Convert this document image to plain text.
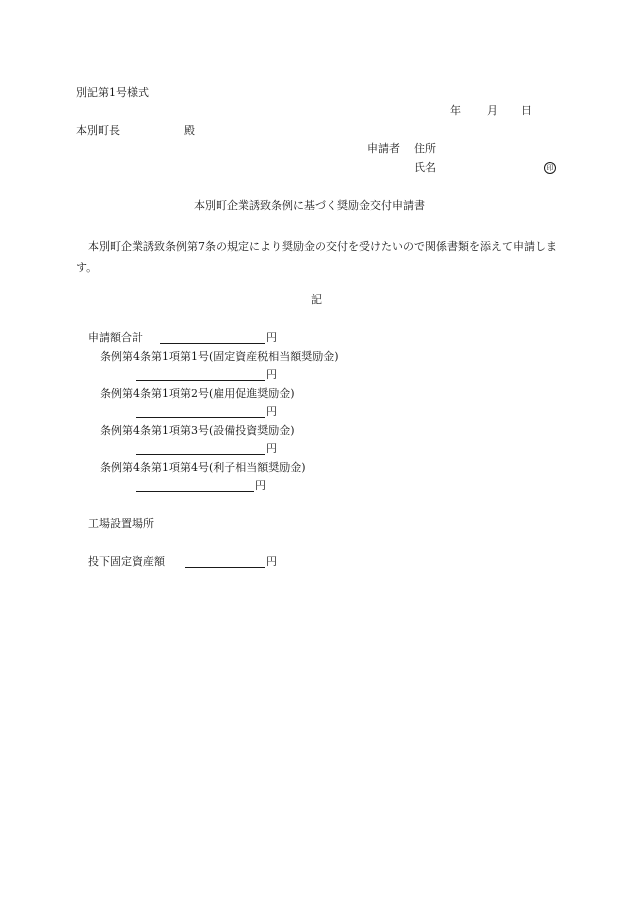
別記第1号様式
年 月 日
本別町長	殿
申請者 住所
氏名	印
本別町企業誘致条例に基づく奨励金交付申請書
本別町企業誘致条例第7条の規定により奨励金の交付を受けたいので関係書類を添えて申請します。
記
申請額合計	円
条例第4条第1項第1号(固定資産税相当額奨励金)
円
条例第4条第1項第2号(雇用促進奨励金)
円
条例第4条第1項第3号(設備投資奨励金)
円
条例第4条第1項第4号(利子相当額奨励金)
円
工場設置場所
投下固定資産額	円
